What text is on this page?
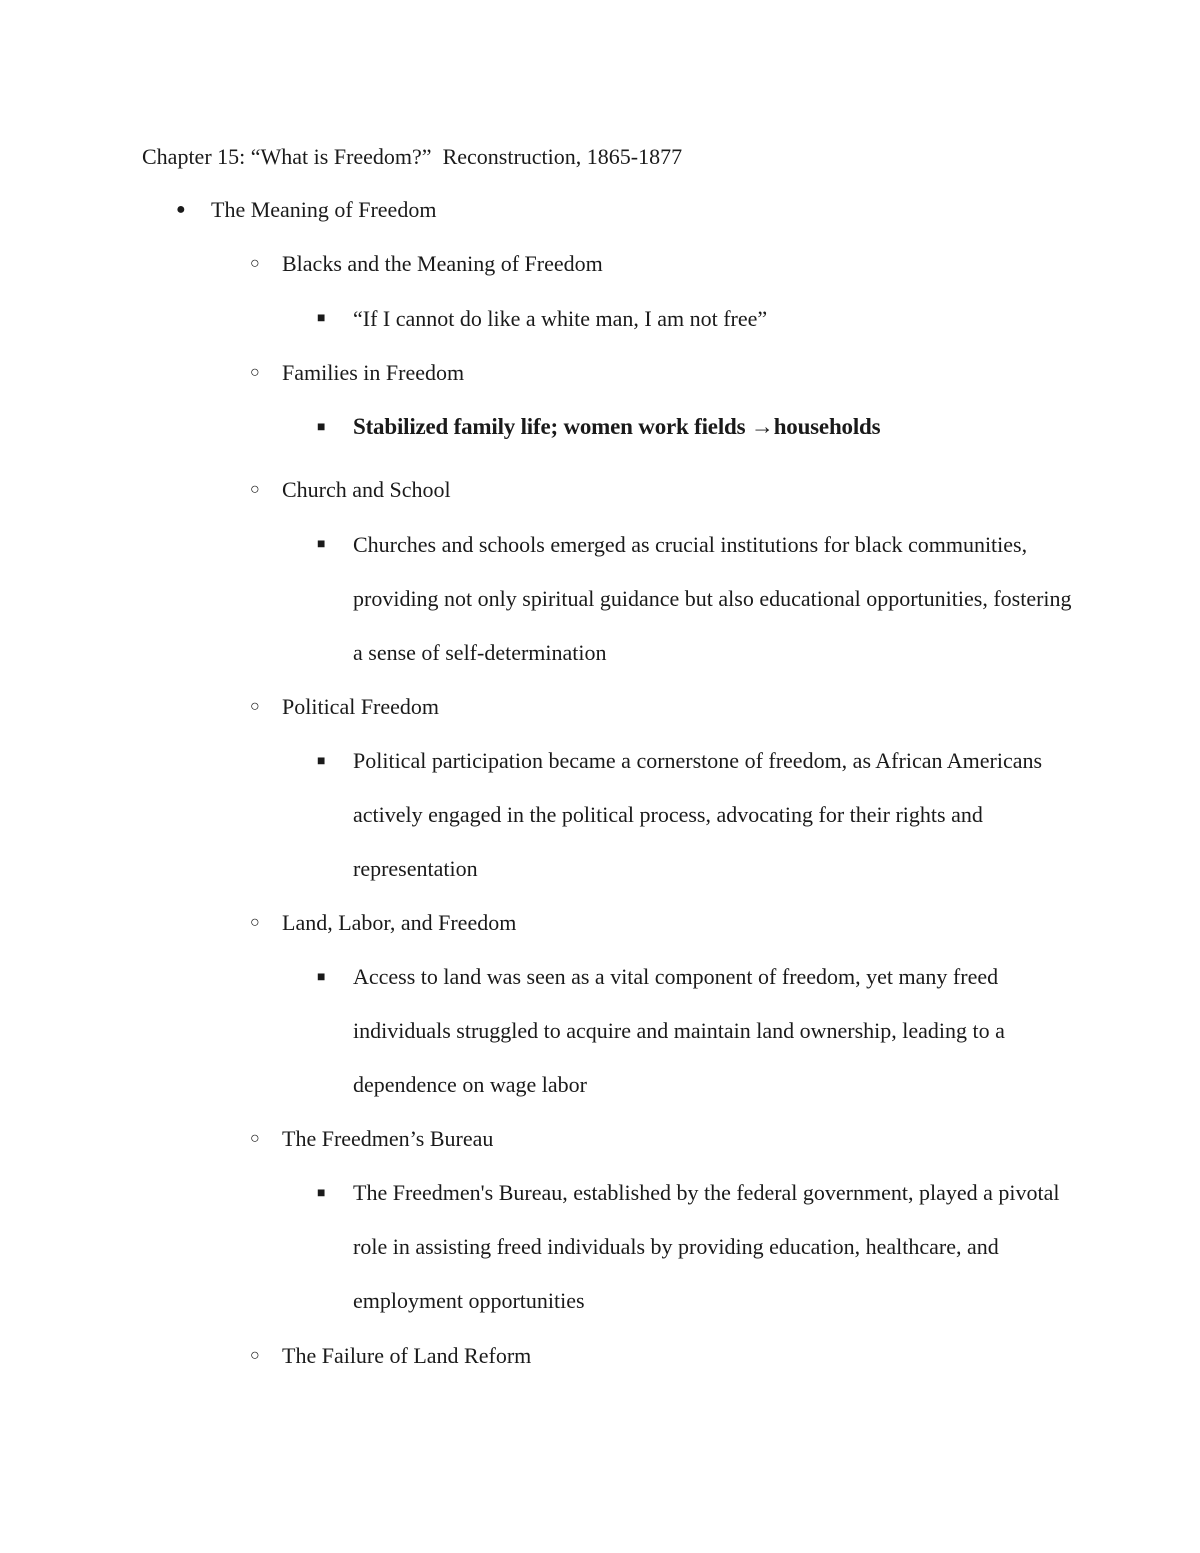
Chapter 15: “What is Freedom?”  Reconstruction, 1865-1877
● The Meaning of Freedom
○ Blacks and the Meaning of Freedom
■ “If I cannot do like a white man, I am not free”
○ Families in Freedom
■ Stabilized family life; women work fields →households
○ Church and School
■ Churches and schools emerged as crucial institutions for black communities, providing not only spiritual guidance but also educational opportunities, fostering a sense of self-determination
○ Political Freedom
■ Political participation became a cornerstone of freedom, as African Americans actively engaged in the political process, advocating for their rights and representation
○ Land, Labor, and Freedom
■ Access to land was seen as a vital component of freedom, yet many freed individuals struggled to acquire and maintain land ownership, leading to a dependence on wage labor
○ The Freedmen’s Bureau
■ The Freedmen's Bureau, established by the federal government, played a pivotal role in assisting freed individuals by providing education, healthcare, and employment opportunities
○ The Failure of Land Reform
